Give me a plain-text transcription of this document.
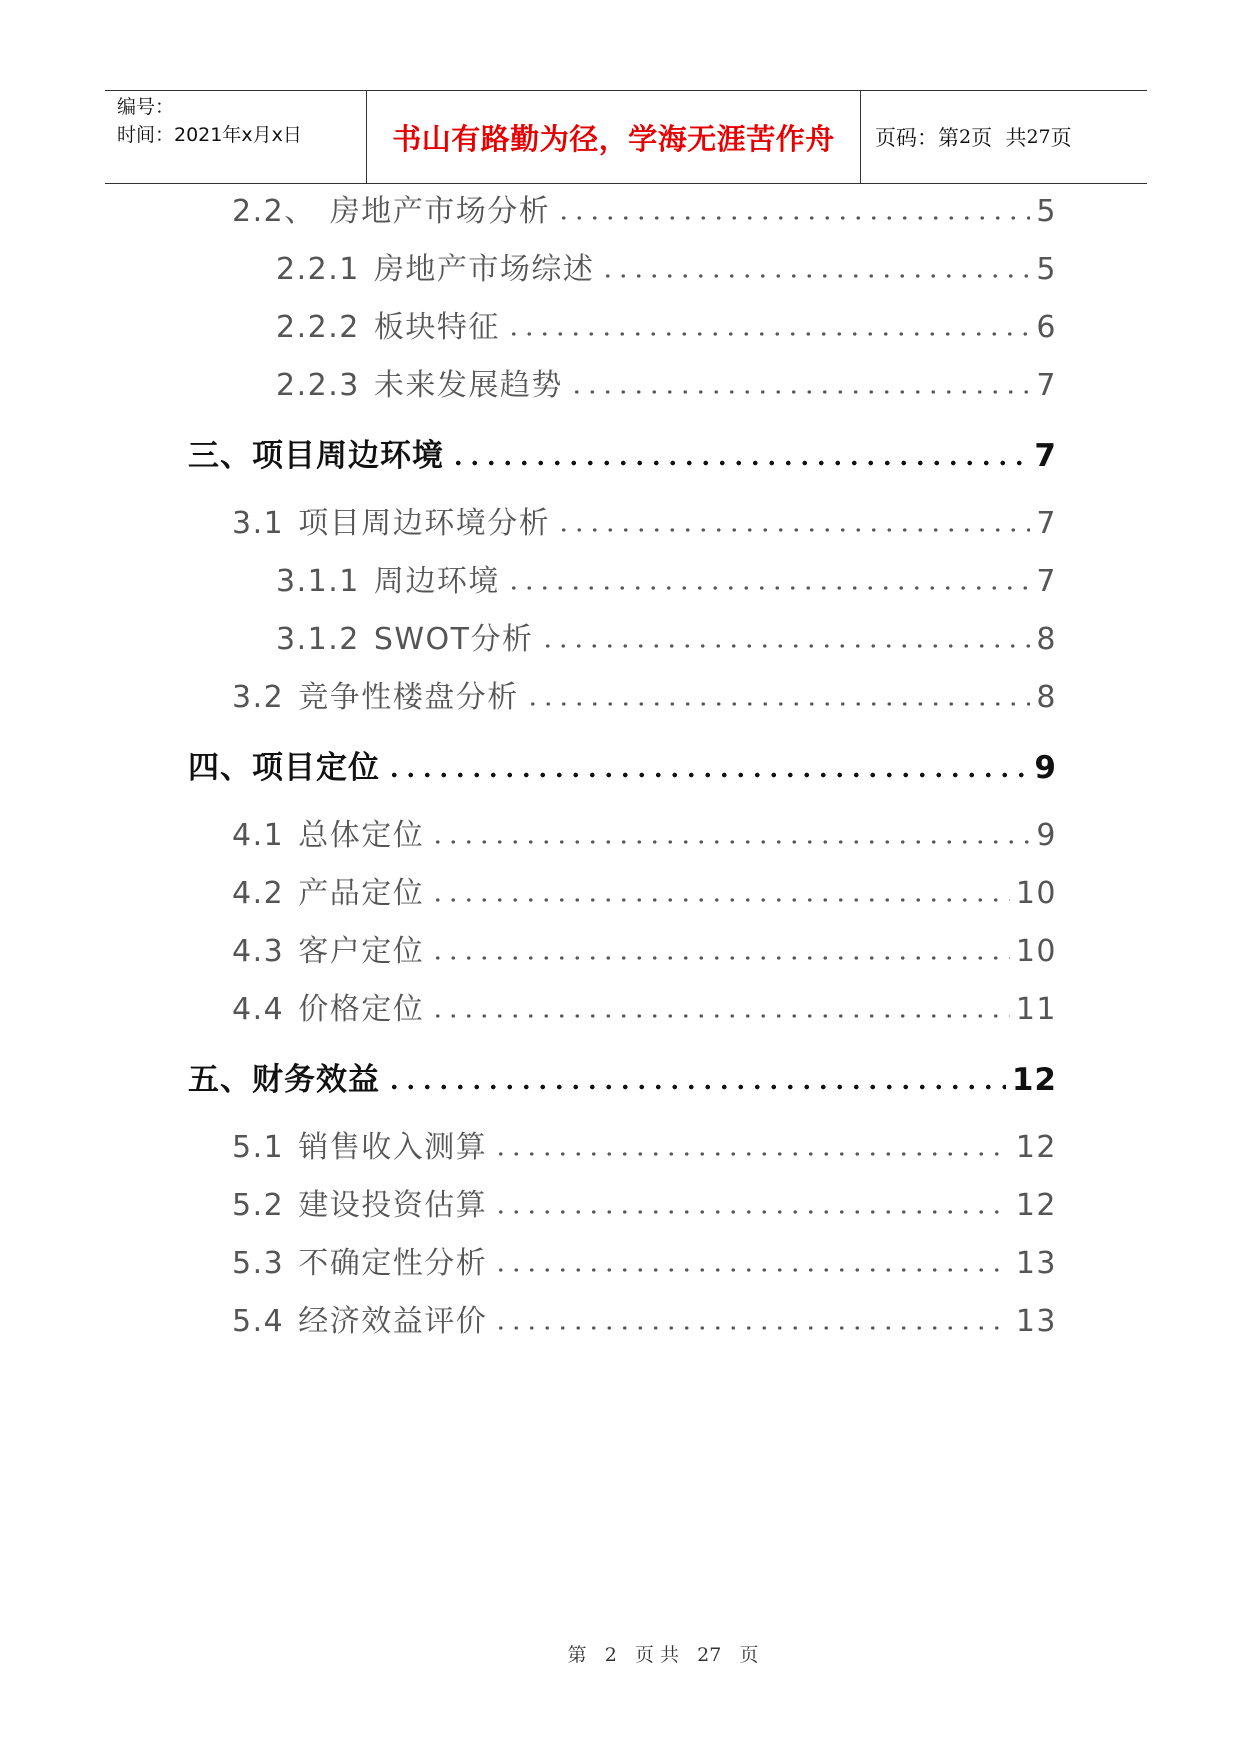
编号：
时间：2021年x月x日	书山有路勤为径，学海无涯苦作舟	页码：第 2 页  共 27 页
2.2、 房地产市场分析	5
2.2.1 房地产市场综述	5
2.2.2 板块特征	6
2.2.3 未来发展趋势	7
三、 项目周边环境	7
3.1 项目周边环境分析	7
3.1.1 周边环境	7
3.1.2 SWOT分析	8
3.2 竞争性楼盘分析	8
四、 项目定位	9
4.1 总体定位	9
4.2 产品定位	10
4.3 客户定位	10
4.4 价格定位	11
五、 财务效益	12
5.1 销售收入测算	12
5.2 建设投资估算	12
5.3 不确定性分析	13
5.4 经济效益评价	13
第 2 页 共 27 页
